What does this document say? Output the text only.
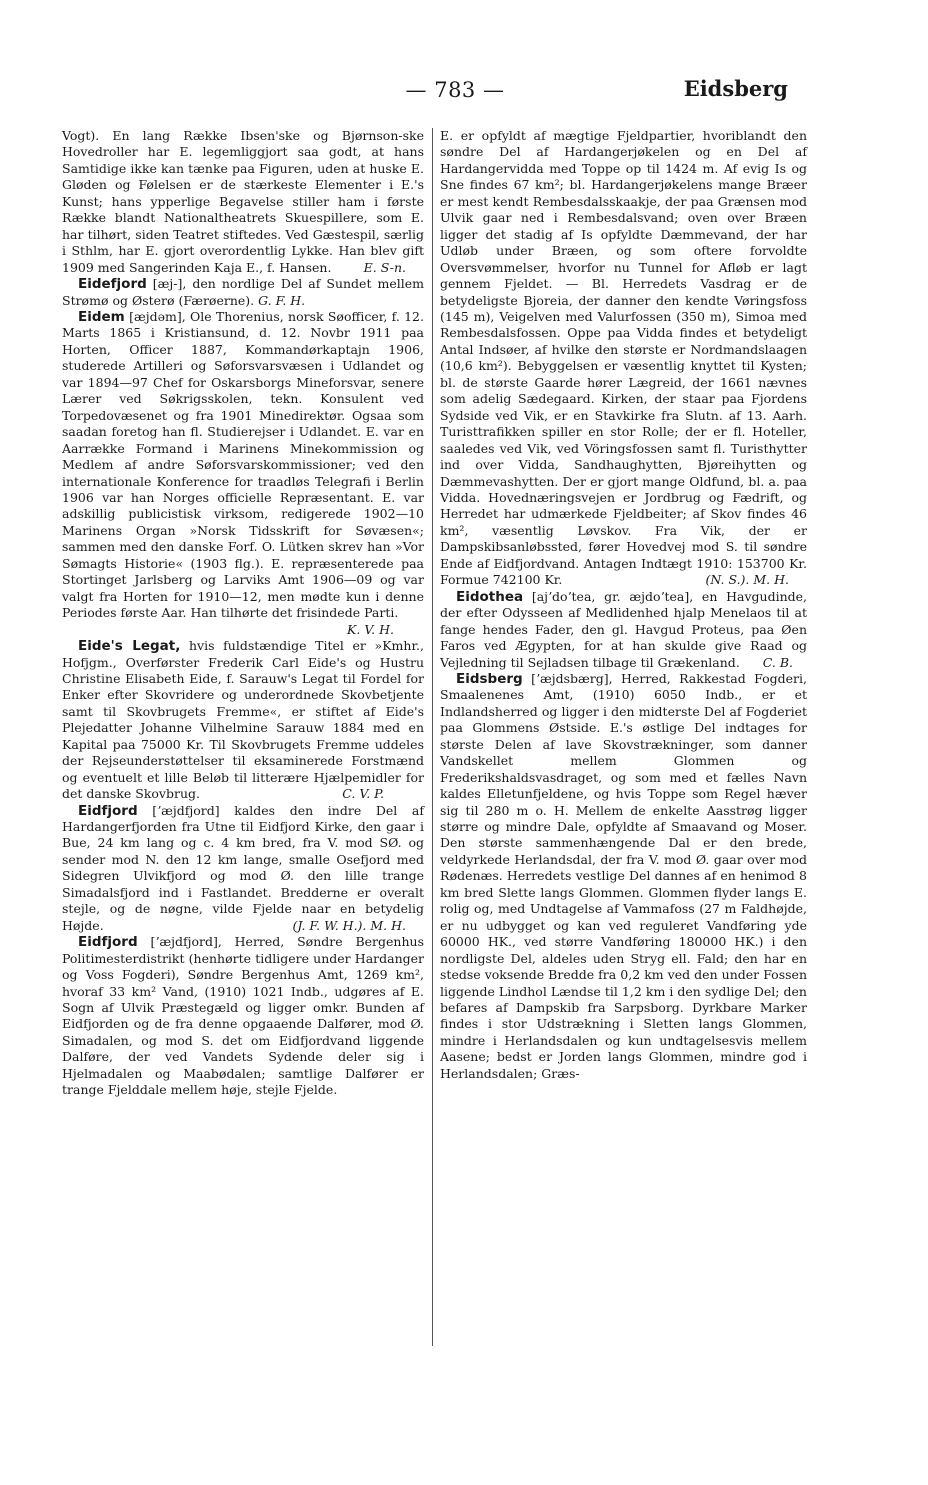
— 783 —	Eidsberg

Vogt). En lang Række Ibsen'ske og Bjørnson-ske Hovedroller har E. legemliggjort saa godt, at hans Samtidige ikke kan tænke paa Figuren, uden at huske E. Gløden og Følelsen er de stærkeste Elementer i E.'s Kunst; hans ypperlige Begavelse stiller ham i første Række blandt Nationaltheatrets Skuespillere, som E. har tilhørt, siden Teatret stiftedes. Ved Gæstespil, særlig i Sthlm, har E. gjort overordentlig Lykke. Han blev gift 1909 med Sangerinden Kaja E., f. Hansen.	E. S-n.

Eidefjord [æj-], den nordlige Del af Sundet mellem Strømø og Østerø (Færøerne). G. F. H.

Eidem [æjdəm], Ole Thorenius, norsk Søofficer, f. 12. Marts 1865 i Kristiansund, d. 12. Novbr 1911 paa Horten, Officer 1887, Kommandørkaptajn 1906, studerede Artilleri og Søforsvarsvæsen i Udlandet og var 1894—97 Chef for Oskarsborgs Mineforsvar, senere Lærer ved Søkrigsskolen, tekn. Konsulent ved Torpedovæsenet og fra 1901 Minedirektør. Ogsaa som saadan foretog han fl. Studierejser i Udlandet. E. var en Aarrække Formand i Marinens Minekommission og Medlem af andre Søforsvarskommissioner; ved den internationale Konference for traadløs Telegrafi i Berlin 1906 var han Norges officielle Repræsentant. E. var adskillig publicistisk virksom, redigerede 1902—10 Marinens Organ »Norsk Tidsskrift for Søvæsen«; sammen med den danske Forf. O. Lütken skrev han »Vor Sømagts Historie« (1903 flg.). E. repræsenterede paa Stortinget Jarlsberg og Larviks Amt 1906—09 og var valgt fra Horten for 1910—12, men mødte kun i denne Periodes første Aar. Han tilhørte det frisindede Parti.
K. V. H.

Eide's Legat, hvis fuldstændige Titel er »Kmhr., Hofjgm., Overførster Frederik Carl Eide's og Hustru Christine Elisabeth Eide, f. Sarauw's Legat til Fordel for Enker efter Skovridere og underordnede Skovbetjente samt til Skovbrugets Fremme«, er stiftet af Eide's Plejedatter Johanne Vilhelmine Sarauw 1884 med en Kapital paa 75000 Kr. Til Skovbrugets Fremme uddeles der Rejseunderstøttelser til eksaminerede Forstmænd og eventuelt et lille Beløb til litterære Hjælpemidler for det danske Skovbrug.	C. V. P.

Eidfjord [ʼæjdfjord] kaldes den indre Del af Hardangerfjorden fra Utne til Eidfjord Kirke, den gaar i Bue, 24 km lang og c. 4 km bred, fra V. mod SØ. og sender mod N. den 12 km lange, smalle Osefjord med Sidegren Ulvikfjord og mod Ø. den lille trange Simadalsfjord ind i Fastlandet. Bredderne er overalt stejle, og de nøgne, vilde Fjelde naar en betydelig Højde.	(J. F. W. H.). M. H.

Eidfjord [ʼæjdfjord], Herred, Søndre Bergenhus Politimesterdistrikt (henhørte tidligere under Hardanger og Voss Fogderi), Søndre Bergenhus Amt, 1269 km², hvoraf 33 km² Vand, (1910) 1021 Indb., udgøres af E. Sogn af Ulvik Præstegæld og ligger omkr. Bunden af Eidfjorden og de fra denne opgaaende Dalfører, mod Ø. Simadalen, og mod S. det om Eidfjordvand liggende Dalføre, der ved Vandets Sydende deler sig i Hjelmadalen og Maabødalen; samtlige Dalfører er trange Fjelddale mellem høje, stejle Fjelde.

E. er opfyldt af mægtige Fjeldpartier, hvoriblandt den søndre Del af Hardangerjøkelen og en Del af Hardangervidda med Toppe op til 1424 m. Af evig Is og Sne findes 67 km²; bl. Hardangerjøkelens mange Bræer er mest kendt Rembesdalsskaakje, der paa Grænsen mod Ulvik gaar ned i Rembesdalsvand; oven over Bræen ligger det stadig af Is opfyldte Dæmmevand, der har Udløb under Bræen, og som oftere forvoldte Oversvømmelser, hvorfor nu Tunnel for Afløb er lagt gennem Fjeldet. — Bl. Herredets Vasdrag er de betydeligste Bjoreia, der danner den kendte Vøringsfoss (145 m), Veigelven med Valurfossen (350 m), Simoa med Rembesdalsfossen. Oppe paa Vidda findes et betydeligt Antal Indsøer, af hvilke den største er Nordmandslaagen (10,6 km²). Bebyggelsen er væsentlig knyttet til Kysten; bl. de største Gaarde hører Lægreid, der 1661 nævnes som adelig Sædegaard. Kirken, der staar paa Fjordens Sydside ved Vik, er en Stavkirke fra Slutn. af 13. Aarh. Turisttrafikken spiller en stor Rolle; der er fl. Hoteller, saaledes ved Vik, ved Vöringsfossen samt fl. Turisthytter ind over Vidda, Sandhaughytten, Bjøreihytten og Dæmmevashytten. Der er gjort mange Oldfund, bl. a. paa Vidda. Hovednæringsvejen er Jordbrug og Fædrift, og Herredet har udmærkede Fjeldbeiter; af Skov findes 46 km², væsentlig Løvskov. Fra Vik, der er Dampskibsanløbssted, fører Hovedvej mod S. til søndre Ende af Eidfjordvand. Antagen Indtægt 1910: 153700 Kr. Formue 742100 Kr.	(N. S.). M. H.

Eidothea [ajʼdoʼtea, gr. æjdoʼtea], en Havgudinde, der efter Odysseen af Medlidenhed hjalp Menelaos til at fange hendes Fader, den gl. Havgud Proteus, paa Øen Faros ved Ægypten, for at han skulde give Raad og Vejledning til Sejladsen tilbage til Grækenland.	C. B.

Eidsberg [ʼæjdsbærg], Herred, Rakkestad Fogderi, Smaalenenes Amt, (1910) 6050 Indb., er et Indlandsherred og ligger i den midterste Del af Fogderiet paa Glommens Østside. E.'s østlige Del indtages for største Delen af lave Skovstrækninger, som danner Vandskellet mellem Glommen og Frederikshaldsvasdraget, og som med et fælles Navn kaldes Elletunfjeldene, og hvis Toppe som Regel hæver sig til 280 m o. H. Mellem de enkelte Aasstrøg ligger større og mindre Dale, opfyldte af Smaavand og Moser. Den største sammenhængende Dal er den brede, veldyrkede Herlandsdal, der fra V. mod Ø. gaar over mod Rødenæs. Herredets vestlige Del dannes af en henimod 8 km bred Slette langs Glommen. Glommen flyder langs E. rolig og, med Undtagelse af Vammafoss (27 m Faldhøjde, er nu udbygget og kan ved reguleret Vandføring yde 60000 HK., ved større Vandføring 180000 HK.) i den nordligste Del, aldeles uden Stryg ell. Fald; den har en stedse voksende Bredde fra 0,2 km ved den under Fossen liggende Lindhol Lændse til 1,2 km i den sydlige Del; den befares af Dampskib fra Sarpsborg. Dyrkbare Marker findes i stor Udstrækning i Sletten langs Glommen, mindre i Herlandsdalen og kun undtagelsesvis mellem Aasene; bedst er Jorden langs Glommen, mindre god i Herlandsdalen; Græs-
